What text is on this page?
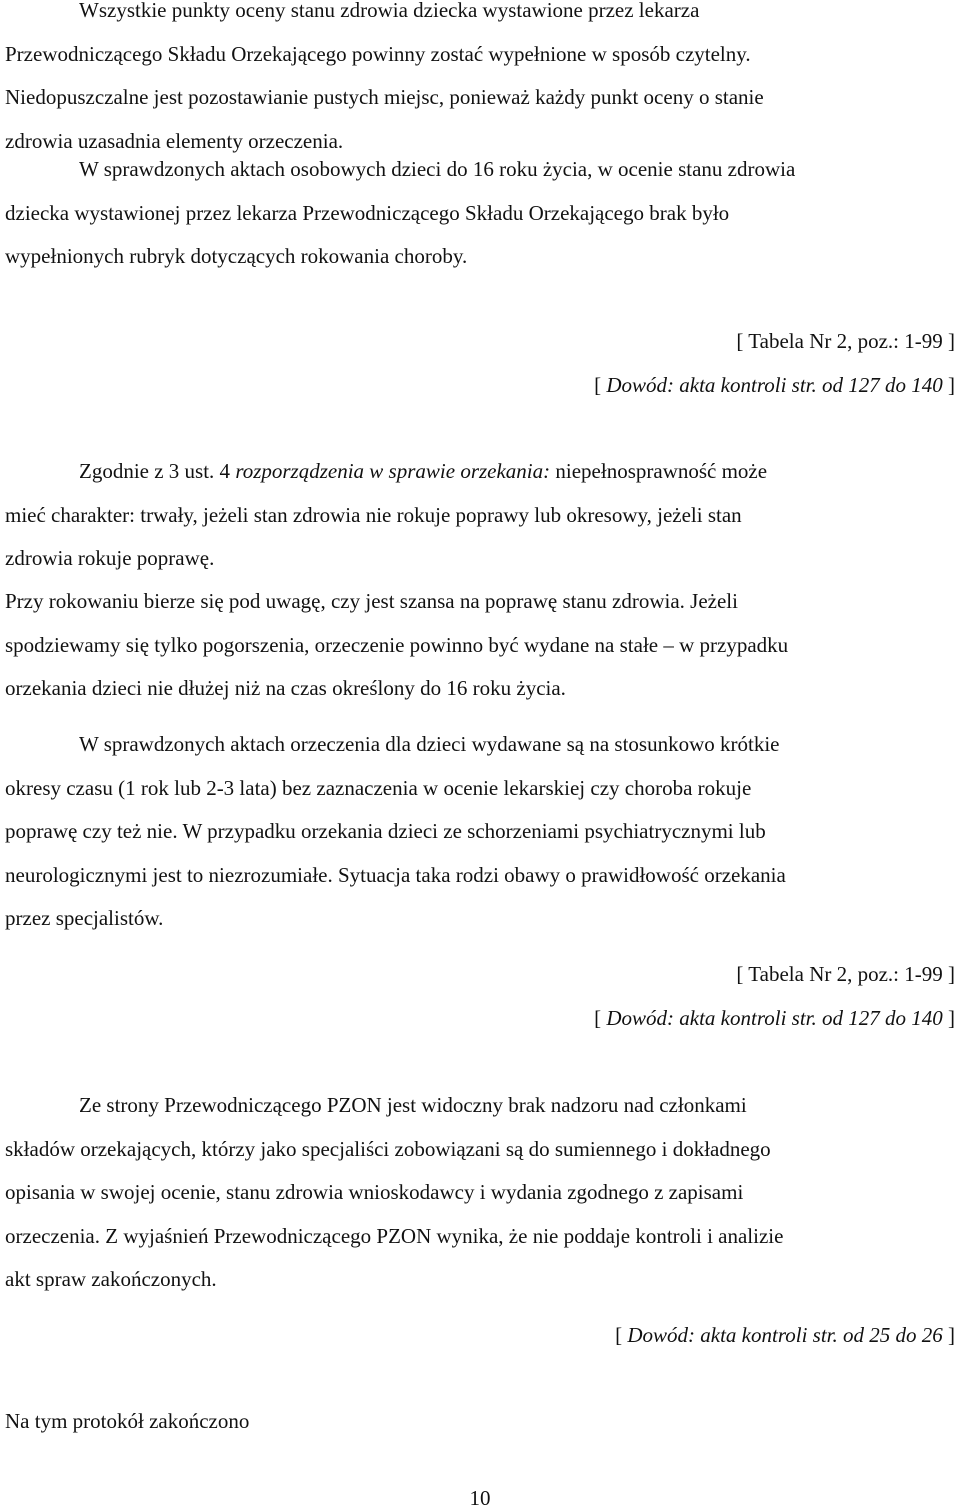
Wszystkie punkty oceny stanu zdrowia dziecka wystawione przez lekarza

Przewodniczącego Składu Orzekającego powinny zostać wypełnione w sposób czytelny.

Niedopuszczalne jest pozostawianie pustych miejsc, ponieważ każdy punkt oceny o stanie

zdrowia uzasadnia elementy orzeczenia.

W sprawdzonych aktach osobowych dzieci do 16 roku życia, w ocenie stanu zdrowia

dziecka wystawionej przez lekarza Przewodniczącego Składu Orzekającego brak było

wypełnionych rubryk dotyczących rokowania choroby.

[ Tabela Nr 2, poz.: 1-99 ]

[ Dowód: akta kontroli str. od 127 do 140 ]

Zgodnie z 3 ust. 4 rozporządzenia w sprawie orzekania: niepełnosprawność może

mieć charakter: trwały, jeżeli stan zdrowia nie rokuje poprawy lub okresowy, jeżeli stan

zdrowia rokuje poprawę.

Przy rokowaniu bierze się pod uwagę, czy jest szansa na poprawę stanu zdrowia. Jeżeli

spodziewamy się tylko pogorszenia, orzeczenie powinno być wydane na stałe – w przypadku

orzekania dzieci nie dłużej niż na czas określony do 16 roku życia.

W sprawdzonych aktach orzeczenia dla dzieci wydawane są na stosunkowo krótkie

okresy czasu (1 rok lub 2-3 lata) bez zaznaczenia w ocenie lekarskiej czy choroba rokuje

poprawę czy też nie. W przypadku orzekania dzieci ze schorzeniami psychiatrycznymi lub

neurologicznymi jest to niezrozumiałe. Sytuacja taka rodzi obawy o prawidłowość orzekania

przez specjalistów.

[ Tabela Nr 2, poz.: 1-99 ]

[ Dowód: akta kontroli str. od 127 do 140 ]

Ze strony Przewodniczącego PZON jest widoczny brak nadzoru nad członkami

składów orzekających, którzy jako specjaliści zobowiązani są do sumiennego i dokładnego

opisania w swojej ocenie, stanu zdrowia wnioskodawcy i wydania zgodnego z zapisami

orzeczenia. Z wyjaśnień Przewodniczącego PZON wynika, że nie poddaje kontroli i analizie

akt spraw zakończonych.

[ Dowód: akta kontroli str. od 25 do 26 ]

Na tym protokół zakończono

10
